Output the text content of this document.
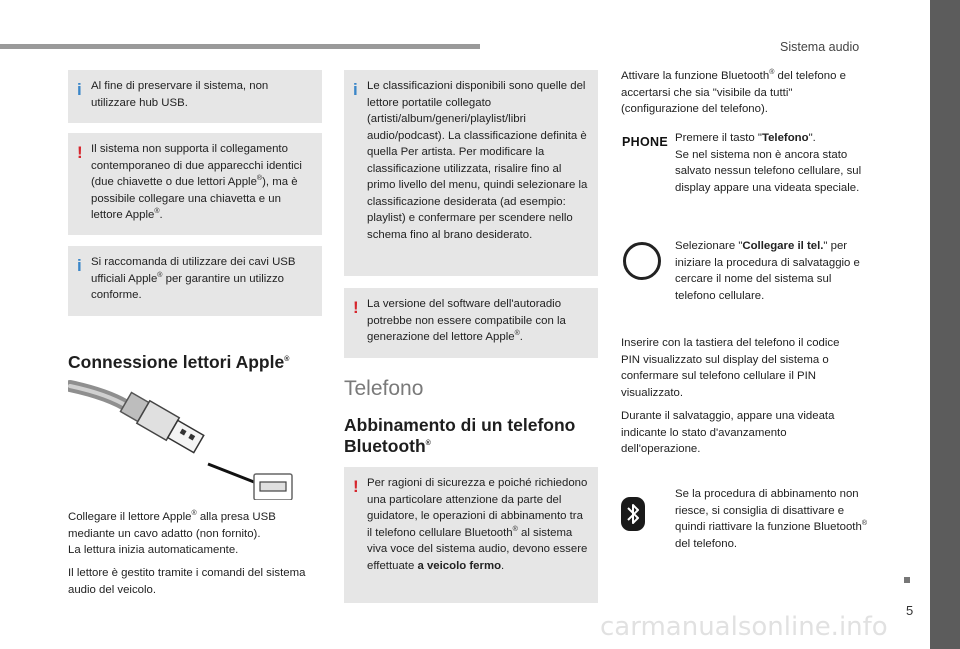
Sistema audio
i Al fine di preservare il sistema, non utilizzare hub USB.
! Il sistema non supporta il collegamento contemporaneo di due apparecchi identici (due chiavette o due lettori Apple®), ma è possibile collegare una chiavetta e un lettore Apple®.
i Si raccomanda di utilizzare dei cavi USB ufficiali Apple® per garantire un utilizzo conforme.
Connessione lettori Apple®
Collegare il lettore Apple® alla presa USB
mediante un cavo adatto (non fornito).
La lettura inizia automaticamente.
Il lettore è gestito tramite i comandi del sistema audio del veicolo.
i Le classificazioni disponibili sono quelle del lettore portatile collegato (artisti/album/generi/playlist/libri audio/podcast). La classificazione definita è quella Per artista. Per modificare la classificazione utilizzata, risalire fino al primo livello del menu, quindi selezionare la classificazione desiderata (ad esempio: playlist) e confermare per scendere nello schema fino al brano desiderato.
! La versione del software dell'autoradio potrebbe non essere compatibile con la generazione del lettore Apple®.
Telefono
Abbinamento di un telefono
Bluetooth®
! Per ragioni di sicurezza e poiché richiedono una particolare attenzione da parte del guidatore, le operazioni di abbinamento tra il telefono cellulare Bluetooth® al sistema viva voce del sistema audio, devono essere effettuate a veicolo fermo.
Attivare la funzione Bluetooth® del telefono e accertarsi che sia "visibile da tutti" (configurazione del telefono).
PHONE Premere il tasto "Telefono".
Se nel sistema non è ancora stato salvato nessun telefono cellulare, sul display appare una videata speciale.
Selezionare "Collegare il tel." per iniziare la procedura di salvataggio e cercare il nome del sistema sul telefono cellulare.
Inserire con la tastiera del telefono il codice PIN visualizzato sul display del sistema o confermare sul telefono cellulare il PIN visualizzato.
Durante il salvataggio, appare una videata indicante lo stato d'avanzamento dell'operazione.
Se la procedura di abbinamento non riesce, si consiglia di disattivare e quindi riattivare la funzione Bluetooth® del telefono.
5
carmanualsonline.info
